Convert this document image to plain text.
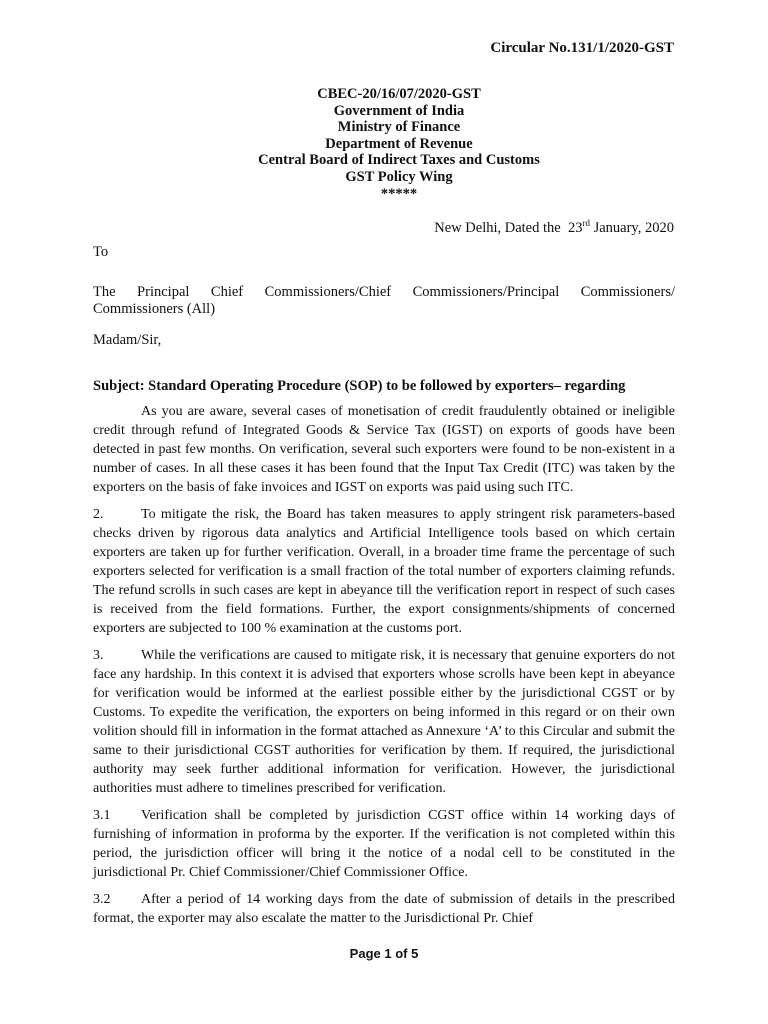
Circular No.131/1/2020-GST
CBEC-20/16/07/2020-GST
Government of India
Ministry of Finance
Department of Revenue
Central Board of Indirect Taxes and Customs
GST Policy Wing
*****
New Delhi, Dated the 23rd January, 2020
To
The Principal Chief Commissioners/Chief Commissioners/Principal Commissioners/
Commissioners (All)
Madam/Sir,
Subject: Standard Operating Procedure (SOP) to be followed by exporters– regarding

As you are aware, several cases of monetisation of credit fraudulently obtained or ineligible credit through refund of Integrated Goods & Service Tax (IGST) on exports of goods have been detected in past few months. On verification, several such exporters were found to be non-existent in a number of cases. In all these cases it has been found that the Input Tax Credit (ITC) was taken by the exporters on the basis of fake invoices and IGST on exports was paid using such ITC.

2.	To mitigate the risk, the Board has taken measures to apply stringent risk parameters-based checks driven by rigorous data analytics and Artificial Intelligence tools based on which certain exporters are taken up for further verification. Overall, in a broader time frame the percentage of such exporters selected for verification is a small fraction of the total number of exporters claiming refunds. The refund scrolls in such cases are kept in abeyance till the verification report in respect of such cases is received from the field formations. Further, the export consignments/shipments of concerned exporters are subjected to 100 % examination at the customs port.

3.	While the verifications are caused to mitigate risk, it is necessary that genuine exporters do not face any hardship. In this context it is advised that exporters whose scrolls have been kept in abeyance for verification would be informed at the earliest possible either by the jurisdictional CGST or by Customs. To expedite the verification, the exporters on being informed in this regard or on their own volition should fill in information in the format attached as Annexure ‘A’ to this Circular and submit the same to their jurisdictional CGST authorities for verification by them. If required, the jurisdictional authority may seek further additional information for verification. However, the jurisdictional authorities must adhere to timelines prescribed for verification.

3.1 Verification shall be completed by jurisdiction CGST office within 14 working days of furnishing of information in proforma by the exporter. If the verification is not completed within this period, the jurisdiction officer will bring it the notice of a nodal cell to be constituted in the jurisdictional Pr. Chief Commissioner/Chief Commissioner Office.

3.2 After a period of 14 working days from the date of submission of details in the prescribed format, the exporter may also escalate the matter to the Jurisdictional Pr. Chief

Page 1 of 5
